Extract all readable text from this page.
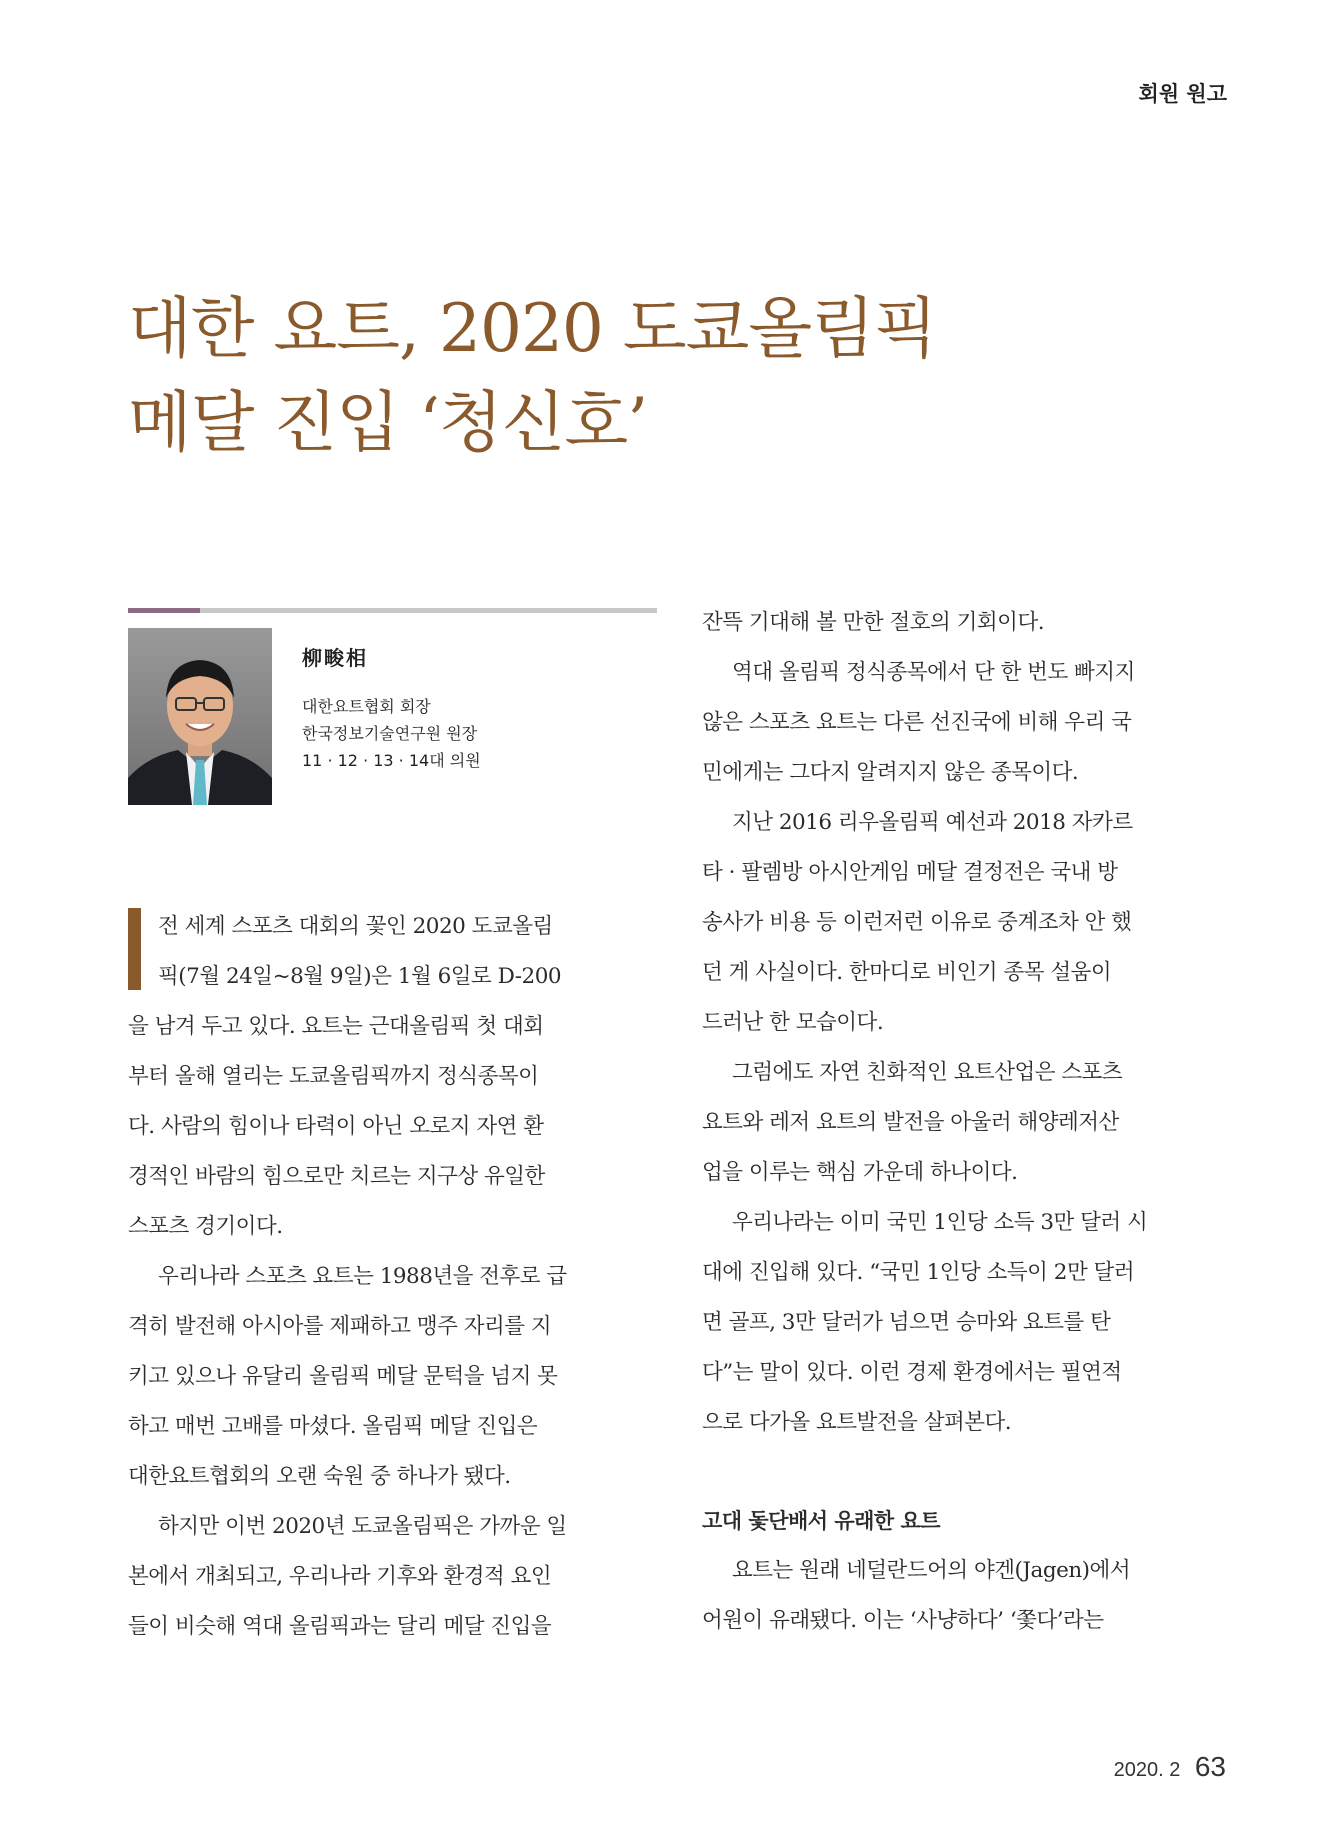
회원 원고
대한 요트, 2020 도쿄올림픽
메달 진입 ‘청신호’
柳畯相
대한요트협회 회장
한국정보기술연구원 원장
11 · 12 · 13 · 14대 의원
전 세계 스포츠 대회의 꽃인 2020 도쿄올림
픽(7월 24일~8월 9일)은 1월 6일로 D-200
을 남겨 두고 있다. 요트는 근대올림픽 첫 대회
부터 올해 열리는 도쿄올림픽까지 정식종목이
다. 사람의 힘이나 타력이 아닌 오로지 자연 환
경적인 바람의 힘으로만 치르는 지구상 유일한
스포츠 경기이다.
우리나라 스포츠 요트는 1988년을 전후로 급
격히 발전해 아시아를 제패하고 맹주 자리를 지
키고 있으나 유달리 올림픽 메달 문턱을 넘지 못
하고 매번 고배를 마셨다. 올림픽 메달 진입은
대한요트협회의 오랜 숙원 중 하나가 됐다.
하지만 이번 2020년 도쿄올림픽은 가까운 일
본에서 개최되고, 우리나라 기후와 환경적 요인
들이 비슷해 역대 올림픽과는 달리 메달 진입을
잔뜩 기대해 볼 만한 절호의 기회이다.
역대 올림픽 정식종목에서 단 한 번도 빠지지
않은 스포츠 요트는 다른 선진국에 비해 우리 국
민에게는 그다지 알려지지 않은 종목이다.
지난 2016 리우올림픽 예선과 2018 자카르
타 · 팔렘방 아시안게임 메달 결정전은 국내 방
송사가 비용 등 이런저런 이유로 중계조차 안 했
던 게 사실이다. 한마디로 비인기 종목 설움이
드러난 한 모습이다.
그럼에도 자연 친화적인 요트산업은 스포츠
요트와 레저 요트의 발전을 아울러 해양레저산
업을 이루는 핵심 가운데 하나이다.
우리나라는 이미 국민 1인당 소득 3만 달러 시
대에 진입해 있다. “국민 1인당 소득이 2만 달러
면 골프, 3만 달러가 넘으면 승마와 요트를 탄
다”는 말이 있다. 이런 경제 환경에서는 필연적
으로 다가올 요트발전을 살펴본다.
고대 돛단배서 유래한 요트
요트는 원래 네덜란드어의 야겐(Jagen)에서
어원이 유래됐다. 이는 ‘사냥하다’ ‘쫓다’라는
2020. 2 63
